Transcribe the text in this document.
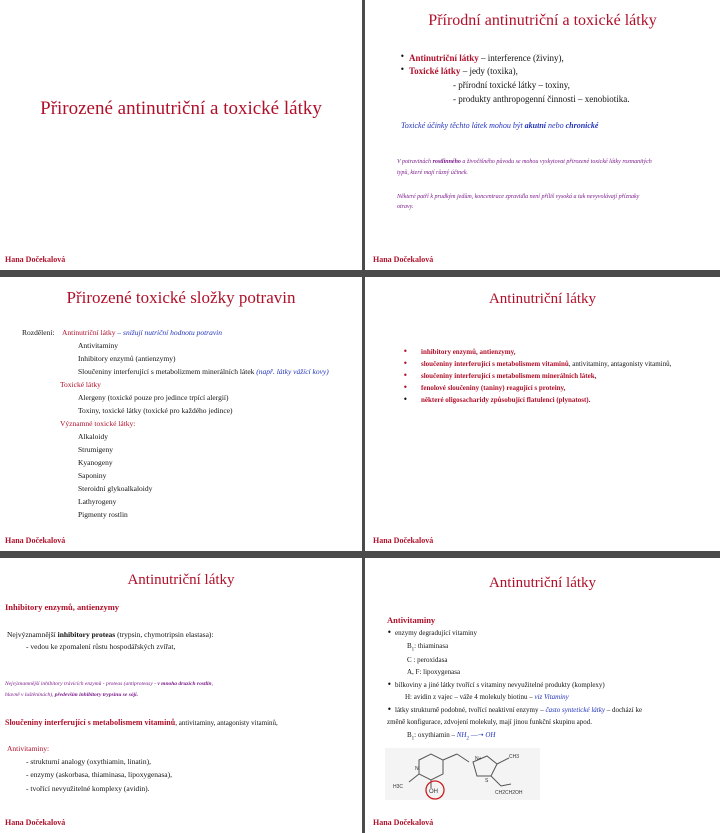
Přirozené antinutriční a toxické látky
Hana Dočekalová
Přírodní antinutriční a toxické látky
• Antinutriční látky – interference (živiny),
• Toxické látky – jedy (toxika),
- přírodní toxické látky – toxiny,
- produkty anthropogenní činnosti – xenobiotika.
Toxické účinky těchto látek mohou být akutní nebo chronické
V potravinách rostlinného a živočišného původu se mohou vyskytovat přirozené toxické látky rozmanitých
typů, které mají různý účinek.
Některé patří k prudkým jedům, koncentrace zpravidla není příliš vysoká a tak nevyvolávají příznaky
otravy.
Hana Dočekalová
Přirozené toxické složky potravin
Rozdělení: Antinutriční látky – snižují nutriční hodnotu potravin
Antivitaminy
Inhibitory enzymů (antienzymy)
Sloučeniny interferující s metabolizmem minerálních látek (např. látky vážící kovy)
Toxické látky
Alergeny (toxické pouze pro jedince trpící alergií)
Toxiny, toxické látky (toxické pro každého jedince)
Významné toxické látky:
Alkaloidy
Strumigeny
Kyanogeny
Saponiny
Steroidní glykoalkaloidy
Lathyrogeny
Pigmenty rostlin
Hana Dočekalová
Antinutriční látky
• inhibitory enzymů, antienzymy,
• sloučeniny interferující s metabolismem vitaminů, antivitaminy, antagonisty vitaminů,
• sloučeniny interferující s metabolismem minerálních látek,
• fenolové sloučeniny (taniny) reagující s proteiny,
• některé oligosacharidy způsobující flatulenci (plynatost).
Hana Dočekalová
Antinutriční látky
Inhibitory enzymů, antienzymy
Nejvýznamnější inhibitory proteas (trypsin, chymotripsin elastasa):
- vedou ke zpomalení růstu hospodářských zvířat,
Nejvýznamnější inhibitory trávicích enzymů - proteas (antiproteasy - v mnoha druzích rostlin,
hlavně v luštěninách), především inhibitory trypsinu se sójí.
Sloučeniny interferující s metabolismem vitaminů, antivitaminy, antagonisty vitaminů,
Antivitaminy:
- strukturní analogy (oxythiamin, linatin),
- enzymy (askorbasa, thiaminasa, lipoxygenasa),
- tvořící nevyužitelné komplexy (avidin).
Hana Dočekalová
Antinutriční látky
Antivitaminy
• enzymy degradující vitaminy
$B_1$: thiaminasa
C : peroxidasa
A, F: lipoxygenasa
• bílkoviny a jiné látky tvořící s vitaminy nevyužitelné produkty (komplexy)
H: avidin z vajec – váže 4 molekuly biotinu – viz Vitaminy
• látky strukturně podobné, tvořící neaktivní enzymy – často syntetické látky – dochází ke
změně konfigurace, zdvojení molekuly, mají jinou funkční skupinu apod.
$B_1$: oxythiamin – $NH_2$ —➝ OH
OH
H3C
CH3
CH2CH2OH
N+
S
N
Hana Dočekalová
